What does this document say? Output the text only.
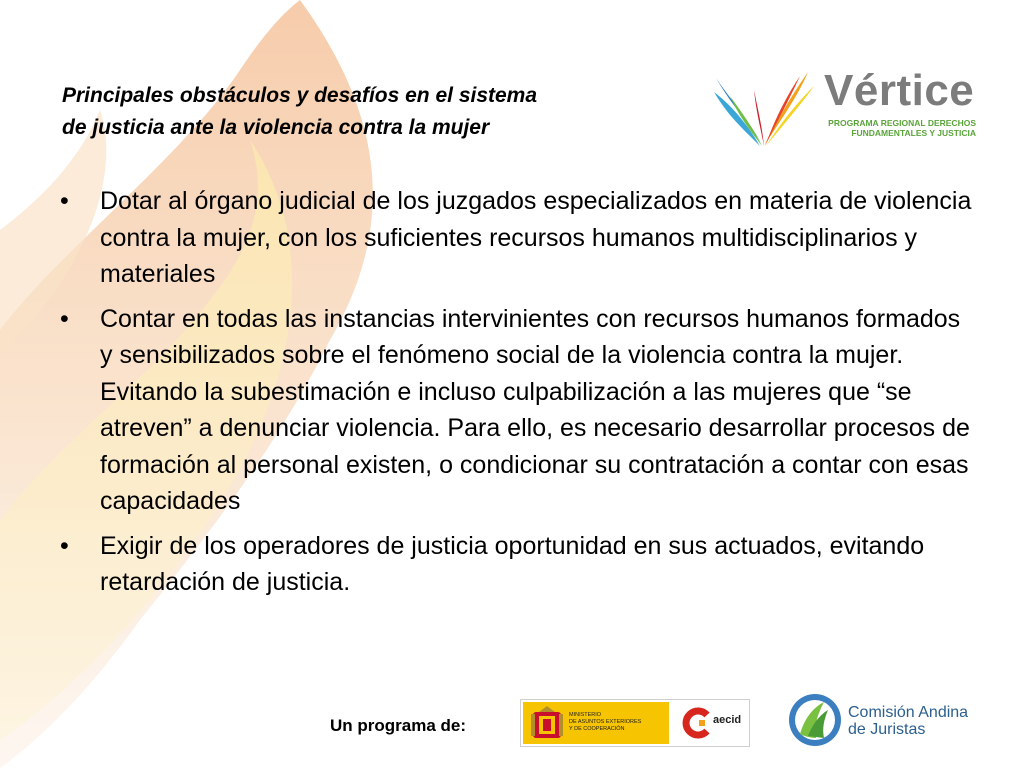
Principales obstáculos y desafíos en el sistema
de justicia ante la violencia contra la mujer
Vértice
PROGRAMA REGIONAL DERECHOS
FUNDAMENTALES Y JUSTICIA
• Dotar al órgano judicial de los juzgados especializados en materia de violencia contra la mujer, con los suficientes recursos humanos multidisciplinarios y materiales
• Contar en todas las instancias intervinientes con recursos humanos formados y sensibilizados sobre el fenómeno social de la violencia contra la mujer. Evitando la subestimación e incluso culpabilización a las mujeres que “se atreven” a denunciar violencia. Para ello, es necesario desarrollar procesos de formación al personal existen, o condicionar su contratación a contar con esas capacidades
• Exigir de los operadores de justicia oportunidad en sus actuados, evitando retardación de justicia.
Un programa de:
MINISTERIO
DE ASUNTOS EXTERIORES
Y DE COOPERACIÓN
aecid	Comisión Andina
de Juristas
